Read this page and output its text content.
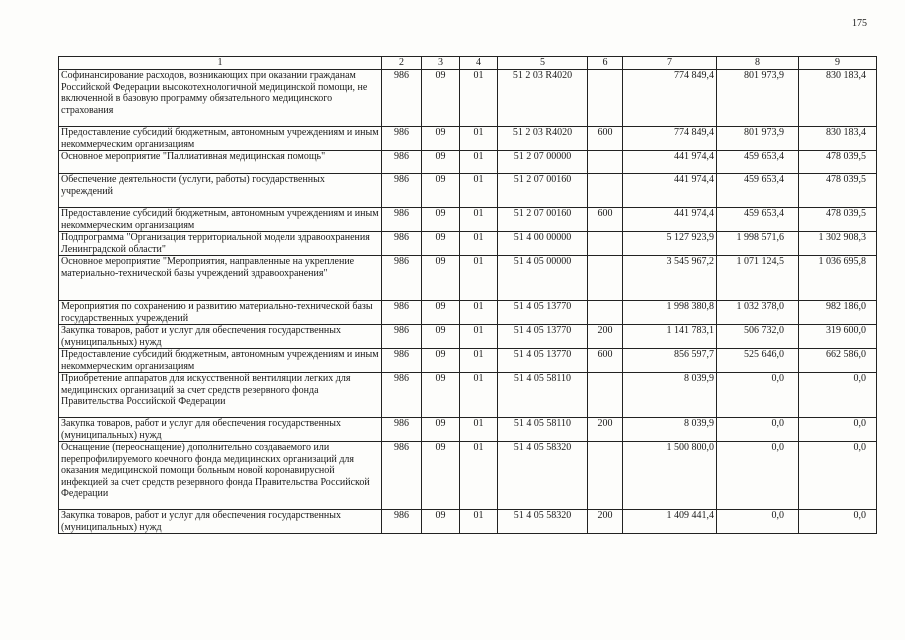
175
1	2	3	4	5	6	7	8	9
Софинансирование расходов, возникающих при оказании гражданам Российской Федерации высокотехнологичной медицинской помощи, не включенной в базовую программу обязательного медицинского страхования	986	09	01	51 2 03 R4020		774 849,4	801 973,9	830 183,4
Предоставление субсидий бюджетным, автономным учреждениям и иным некоммерческим организациям	986	09	01	51 2 03 R4020	600	774 849,4	801 973,9	830 183,4
Основное мероприятие "Паллиативная медицинская помощь"	986	09	01	51 2 07 00000		441 974,4	459 653,4	478 039,5
Обеспечение деятельности (услуги, работы) государственных учреждений	986	09	01	51 2 07 00160		441 974,4	459 653,4	478 039,5
Предоставление субсидий бюджетным, автономным учреждениям и иным некоммерческим организациям	986	09	01	51 2 07 00160	600	441 974,4	459 653,4	478 039,5
Подпрограмма "Организация территориальной модели здравоохранения Ленинградской области"	986	09	01	51 4 00 00000		5 127 923,9	1 998 571,6	1 302 908,3
Основное мероприятие "Мероприятия, направленные на укрепление материально-технической базы учреждений здравоохранения"	986	09	01	51 4 05 00000		3 545 967,2	1 071 124,5	1 036 695,8
Мероприятия по сохранению и развитию материально-технической базы государственных учреждений	986	09	01	51 4 05 13770		1 998 380,8	1 032 378,0	982 186,0
Закупка товаров, работ и услуг для обеспечения государственных (муниципальных) нужд	986	09	01	51 4 05 13770	200	1 141 783,1	506 732,0	319 600,0
Предоставление субсидий бюджетным, автономным учреждениям и иным некоммерческим организациям	986	09	01	51 4 05 13770	600	856 597,7	525 646,0	662 586,0
Приобретение аппаратов для искусственной вентиляции легких для медицинских организаций за счет средств резервного фонда Правительства Российской Федерации	986	09	01	51 4 05 58110		8 039,9	0,0	0,0
Закупка товаров, работ и услуг для обеспечения государственных (муниципальных) нужд	986	09	01	51 4 05 58110	200	8 039,9	0,0	0,0
Оснащение (переоснащение) дополнительно создаваемого или перепрофилируемого коечного фонда медицинских организаций для оказания медицинской помощи больным новой коронавирусной инфекцией за счет средств резервного фонда Правительства Российской Федерации	986	09	01	51 4 05 58320		1 500 800,0	0,0	0,0
Закупка товаров, работ и услуг для обеспечения государственных (муниципальных) нужд	986	09	01	51 4 05 58320	200	1 409 441,4	0,0	0,0
